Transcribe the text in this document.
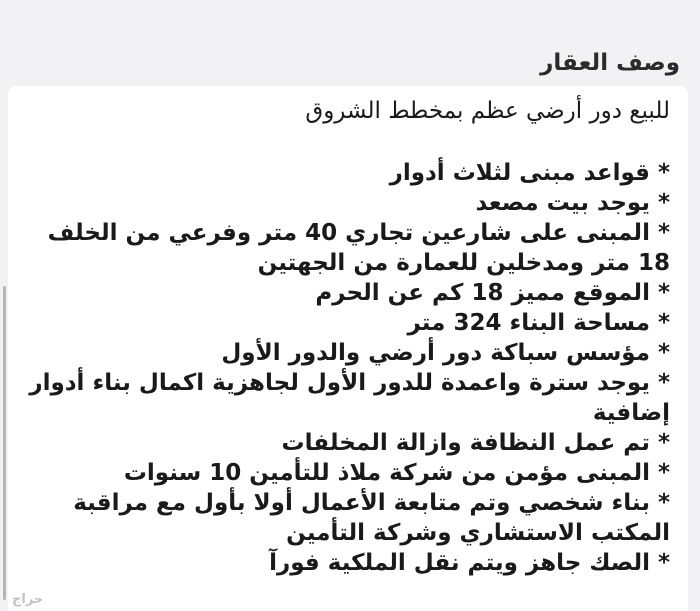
وصف العقار

للبيع دور أرضي عظم بمخطط الشروق

*قواعد مبنى لثلاث أدوار
*يوجد بيت مصعد
*المبنى على شارعين تجاري 40 متر وفرعي من الخلف 18 متر ومدخلين للعمارة من الجهتين
*الموقع مميز 18 كم عن الحرم
*مساحة البناء 324 متر
*مؤسس سباكة دور أرضي والدور الأول
*يوجد سترة واعمدة للدور الأول لجاهزية اكمال بناء أدوار إضافية
*تم عمل النظافة وازالة المخلفات
*المبنى مؤمن من شركة ملاذ للتأمين 10 سنوات
*بناء شخصي وتم متابعة الأعمال أولا بأول مع مراقبة المكتب الاستشاري وشركة التأمين
*الصك جاهز ويتم نقل الملكية فورآ
حراج
